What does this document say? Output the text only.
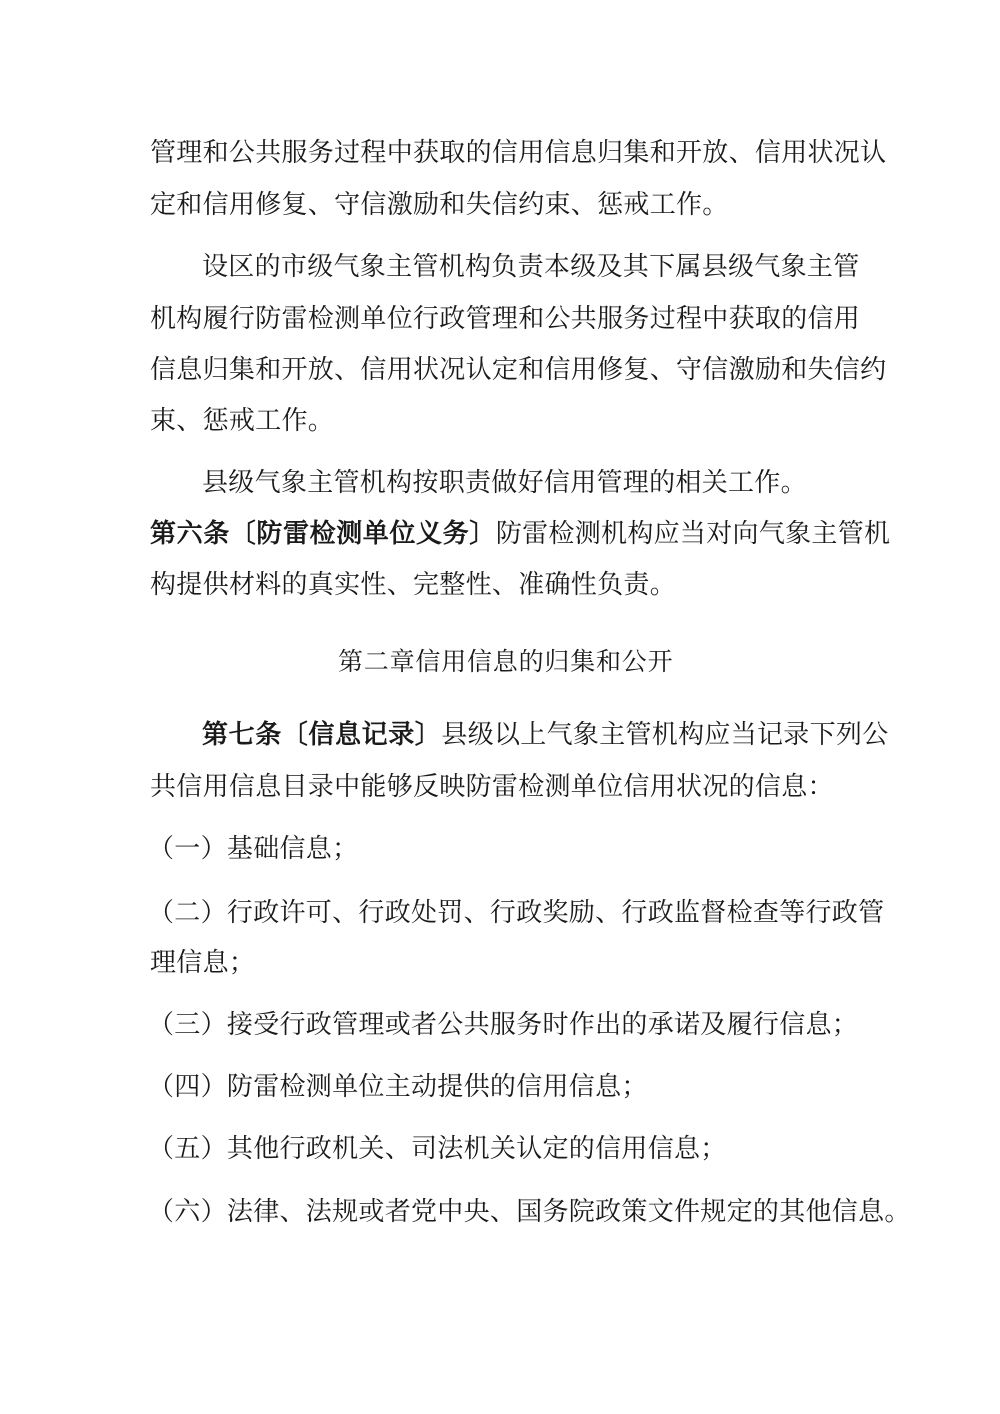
管理和公共服务过程中获取的信用信息归集和开放、信用状况认
定和信用修复、守信激励和失信约束、惩戒工作。
设区的市级气象主管机构负责本级及其下属县级气象主管
机构履行防雷检测单位行政管理和公共服务过程中获取的信用
信息归集和开放、信用状况认定和信用修复、守信激励和失信约
束、惩戒工作。
县级气象主管机构按职责做好信用管理的相关工作。
第六条〔防雷检测单位义务〕防雷检测机构应当对向气象主管机
构提供材料的真实性、完整性、准确性负责。
第二章信用信息的归集和公开
第七条〔信息记录〕县级以上气象主管机构应当记录下列公
共信用信息目录中能够反映防雷检测单位信用状况的信息：
（一）基础信息；
（二）行政许可、行政处罚、行政奖励、行政监督检查等行政管
理信息；
（三）接受行政管理或者公共服务时作出的承诺及履行信息；
（四）防雷检测单位主动提供的信用信息；
（五）其他行政机关、司法机关认定的信用信息；
（六）法律、法规或者党中央、国务院政策文件规定的其他信息。
